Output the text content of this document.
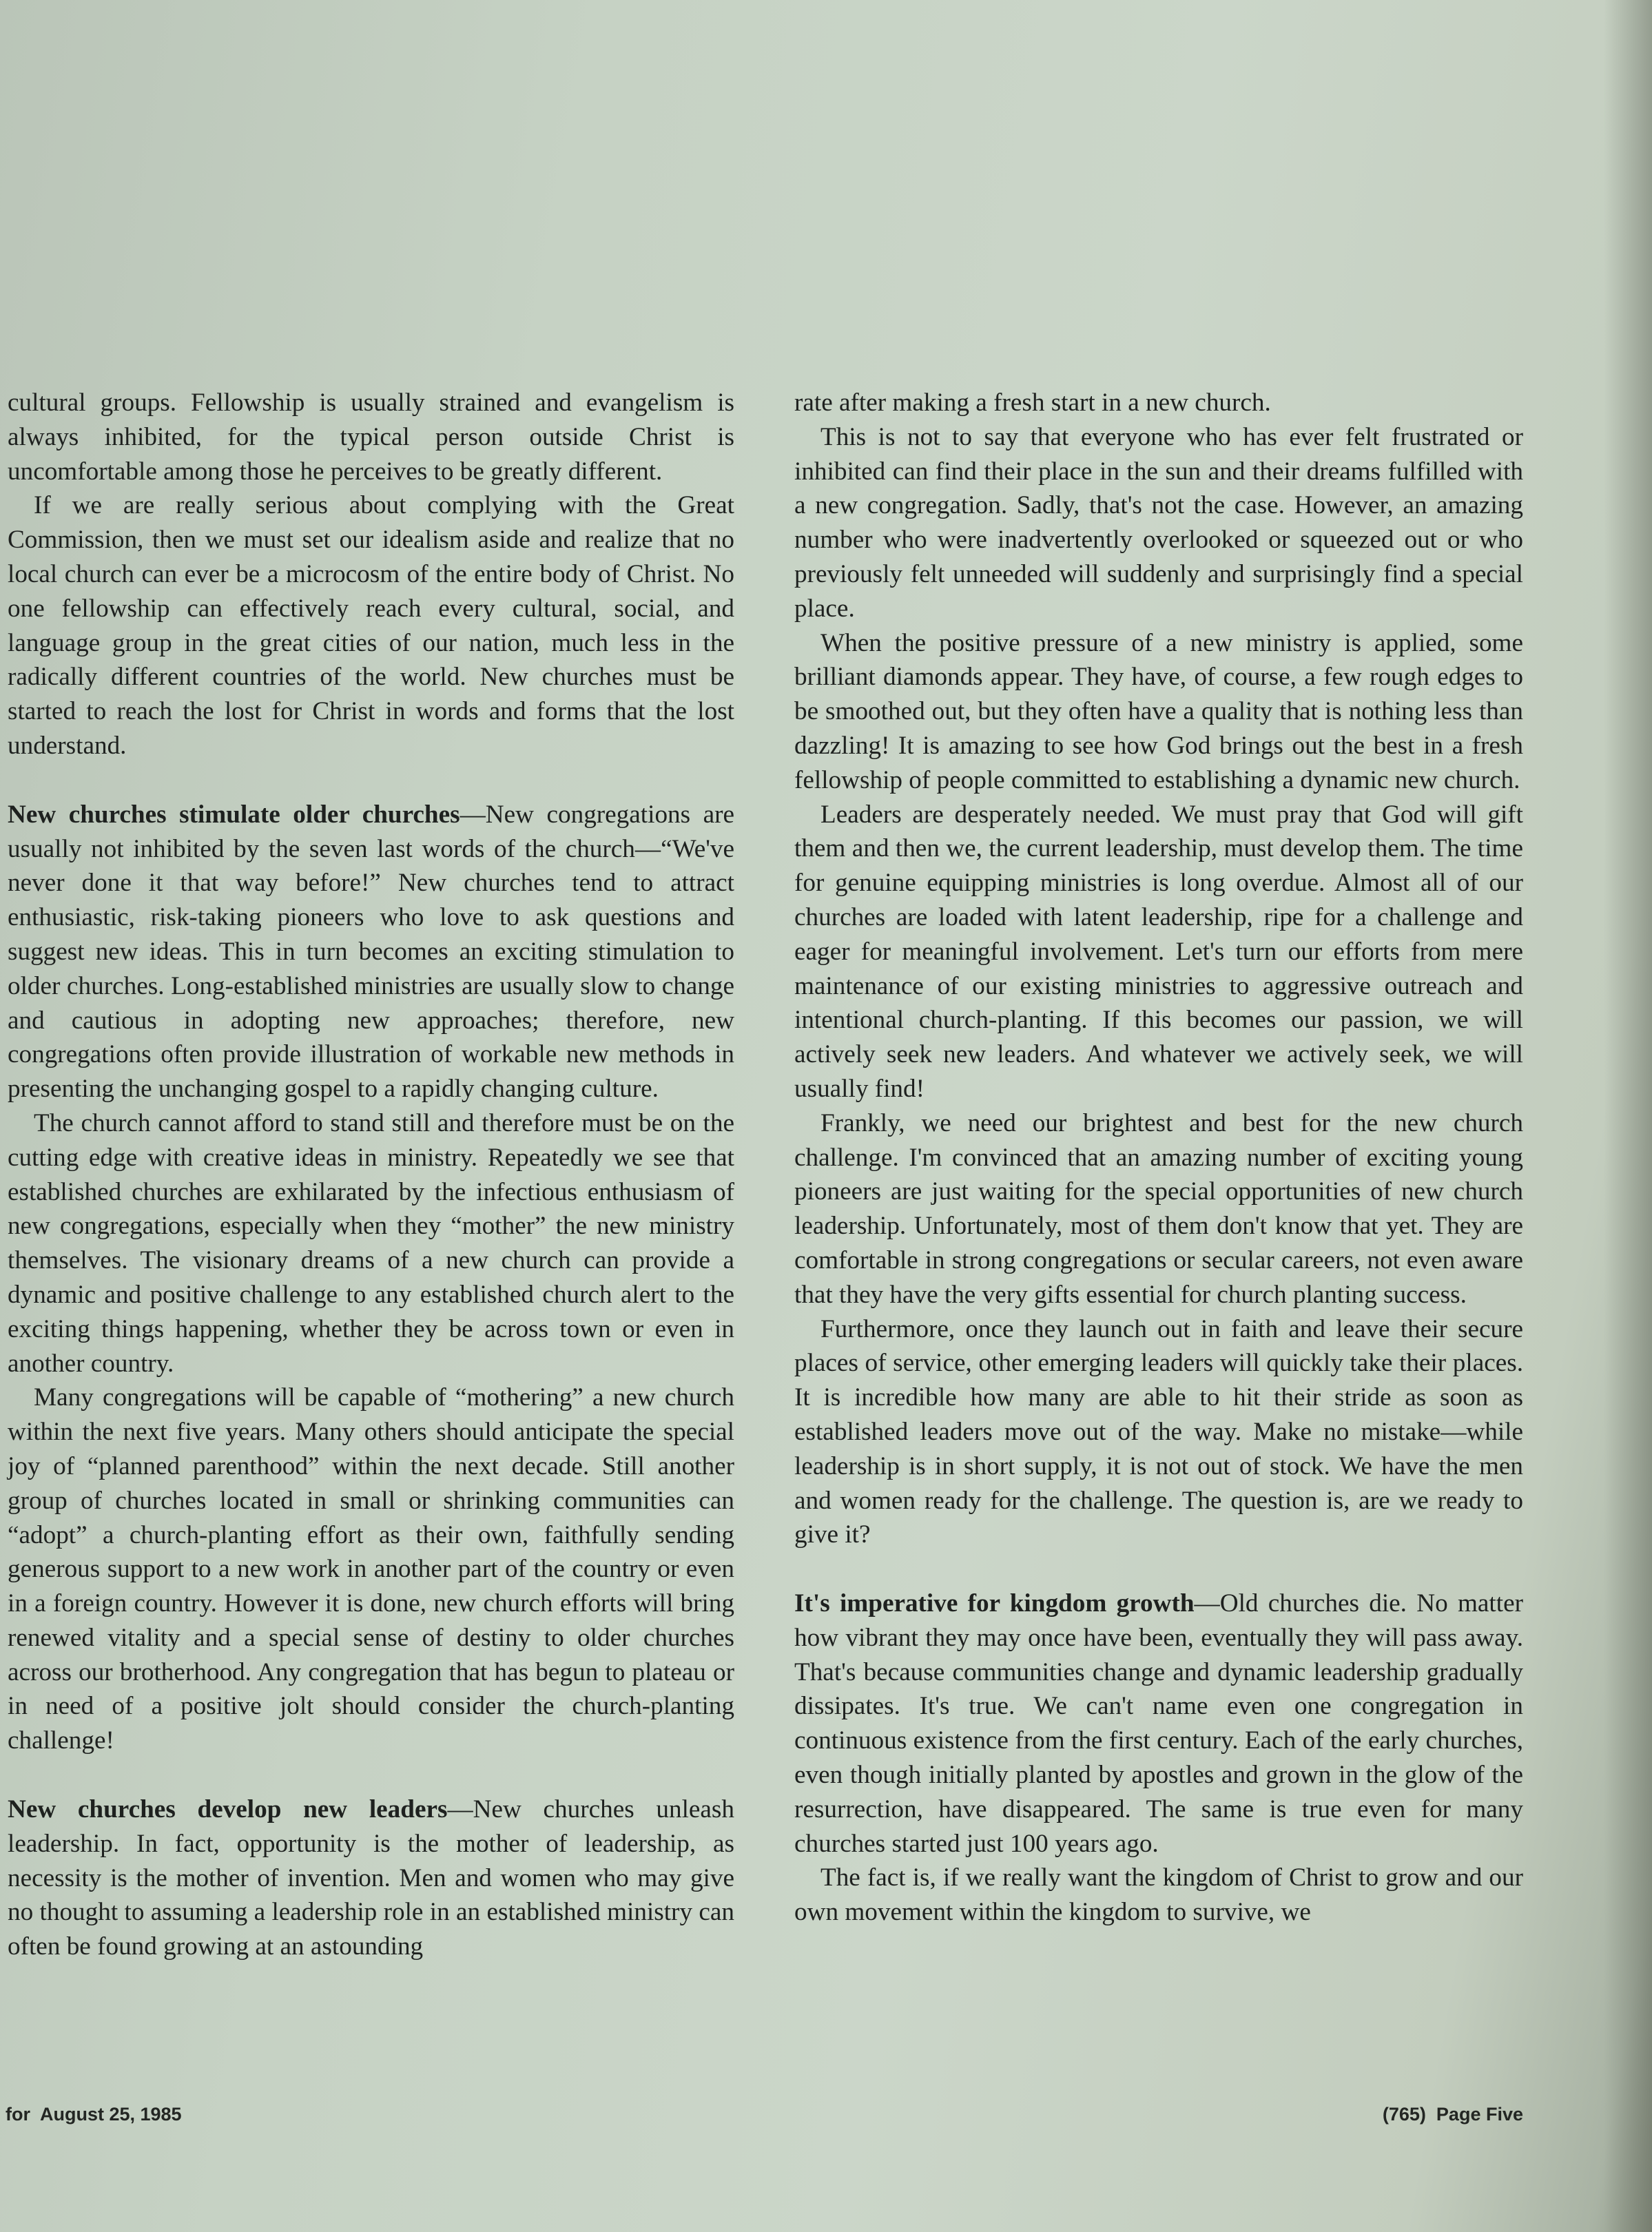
cultural groups. Fellowship is usually strained and evangelism is always inhibited, for the typical person outside Christ is uncomfortable among those he perceives to be greatly different.

If we are really serious about complying with the Great Commission, then we must set our idealism aside and realize that no local church can ever be a microcosm of the entire body of Christ. No one fellowship can effectively reach every cultural, social, and language group in the great cities of our nation, much less in the radically different countries of the world. New churches must be started to reach the lost for Christ in words and forms that the lost understand.

New churches stimulate older churches—New congregations are usually not inhibited by the seven last words of the church—“We've never done it that way before!” New churches tend to attract enthusiastic, risk-taking pioneers who love to ask questions and suggest new ideas. This in turn becomes an exciting stimulation to older churches. Long-established ministries are usually slow to change and cautious in adopting new approaches; therefore, new congregations often provide illustration of workable new methods in presenting the unchanging gospel to a rapidly changing culture.

The church cannot afford to stand still and therefore must be on the cutting edge with creative ideas in ministry. Repeatedly we see that established churches are exhilarated by the infectious enthusiasm of new congregations, especially when they “mother” the new ministry themselves. The visionary dreams of a new church can provide a dynamic and positive challenge to any established church alert to the exciting things happening, whether they be across town or even in another country.

Many congregations will be capable of “mothering” a new church within the next five years. Many others should anticipate the special joy of “planned parenthood” within the next decade. Still another group of churches located in small or shrinking communities can “adopt” a church-planting effort as their own, faithfully sending generous support to a new work in another part of the country or even in a foreign country. However it is done, new church efforts will bring renewed vitality and a special sense of destiny to older churches across our brotherhood. Any congregation that has begun to plateau or in need of a positive jolt should consider the church-planting challenge!

New churches develop new leaders—New churches unleash leadership. In fact, opportunity is the mother of leadership, as necessity is the mother of invention. Men and women who may give no thought to assuming a leadership role in an established ministry can often be found growing at an astounding

rate after making a fresh start in a new church.

This is not to say that everyone who has ever felt frustrated or inhibited can find their place in the sun and their dreams fulfilled with a new congregation. Sadly, that's not the case. However, an amazing number who were inadvertently overlooked or squeezed out or who previously felt unneeded will suddenly and surprisingly find a special place.

When the positive pressure of a new ministry is applied, some brilliant diamonds appear. They have, of course, a few rough edges to be smoothed out, but they often have a quality that is nothing less than dazzling! It is amazing to see how God brings out the best in a fresh fellowship of people committed to establishing a dynamic new church.

Leaders are desperately needed. We must pray that God will gift them and then we, the current leadership, must develop them. The time for genuine equipping ministries is long overdue. Almost all of our churches are loaded with latent leadership, ripe for a challenge and eager for meaningful involvement. Let's turn our efforts from mere maintenance of our existing ministries to aggressive outreach and intentional church-planting. If this becomes our passion, we will actively seek new leaders. And whatever we actively seek, we will usually find!

Frankly, we need our brightest and best for the new church challenge. I'm convinced that an amazing number of exciting young pioneers are just waiting for the special opportunities of new church leadership. Unfortunately, most of them don't know that yet. They are comfortable in strong congregations or secular careers, not even aware that they have the very gifts essential for church planting success.

Furthermore, once they launch out in faith and leave their secure places of service, other emerging leaders will quickly take their places. It is incredible how many are able to hit their stride as soon as established leaders move out of the way. Make no mistake—while leadership is in short supply, it is not out of stock. We have the men and women ready for the challenge. The question is, are we ready to give it?

It's imperative for kingdom growth—Old churches die. No matter how vibrant they may once have been, eventually they will pass away. That's because communities change and dynamic leadership gradually dissipates. It's true. We can't name even one congregation in continuous existence from the first century. Each of the early churches, even though initially planted by apostles and grown in the glow of the resurrection, have disappeared. The same is true even for many churches started just 100 years ago.

The fact is, if we really want the kingdom of Christ to grow and our own movement within the kingdom to survive, we

for  August 25, 1985	(765)  Page Five
